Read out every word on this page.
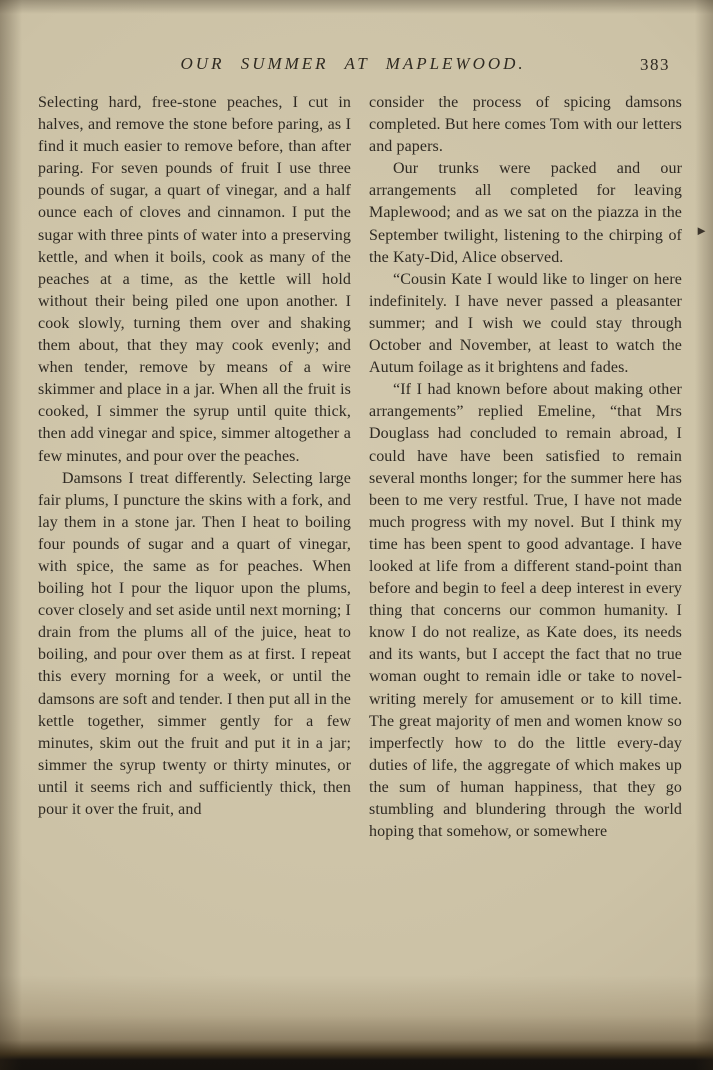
OUR SUMMER AT MAPLEWOOD.	383

Selecting hard, free-stone peaches, I cut in halves, and remove the stone before paring, as I find it much easier to remove before, than after paring. For seven pounds of fruit I use three pounds of sugar, a quart of vinegar, and a half ounce each of cloves and cinnamon. I put the sugar with three pints of water into a preserving kettle, and when it boils, cook as many of the peaches at a time, as the kettle will hold without their being piled one upon another. I cook slowly, turning them over and shaking them about, that they may cook evenly; and when tender, remove by means of a wire skimmer and place in a jar. When all the fruit is cooked, I simmer the syrup until quite thick, then add vinegar and spice, simmer altogether a few minutes, and pour over the peaches.

Damsons I treat differently. Selecting large fair plums, I puncture the skins with a fork, and lay them in a stone jar. Then I heat to boiling four pounds of sugar and a quart of vinegar, with spice, the same as for peaches. When boiling hot I pour the liquor upon the plums, cover closely and set aside until next morning; I drain from the plums all of the juice, heat to boiling, and pour over them as at first. I repeat this every morning for a week, or until the damsons are soft and tender. I then put all in the kettle together, simmer gently for a few minutes, skim out the fruit and put it in a jar; simmer the syrup twenty or thirty minutes, or until it seems rich and sufficiently thick, then pour it over the fruit, and

consider the process of spicing damsons completed. But here comes Tom with our letters and papers.

Our trunks were packed and our arrangements all completed for leaving Maplewood; and as we sat on the piazza in the September twilight, listening to the chirping of the Katy-Did, Alice observed.

“Cousin Kate I would like to linger on here indefinitely. I have never passed a pleasanter summer; and I wish we could stay through October and November, at least to watch the Autum foilage as it brightens and fades.

“If I had known before about making other arrangements” replied Emeline, “that Mrs Douglass had concluded to remain abroad, I could have have been satisfied to remain several months longer; for the summer here has been to me very restful. True, I have not made much progress with my novel. But I think my time has been spent to good advantage. I have looked at life from a different stand-point than before and begin to feel a deep interest in every thing that concerns our common humanity. I know I do not realize, as Kate does, its needs and its wants, but I accept the fact that no true woman ought to remain idle or take to novel-writing merely for amusement or to kill time. The great majority of men and women know so imperfectly how to do the little every-day duties of life, the aggregate of which makes up the sum of human happiness, that they go stumbling and blundering through the world hoping that somehow, or somewhere

►
